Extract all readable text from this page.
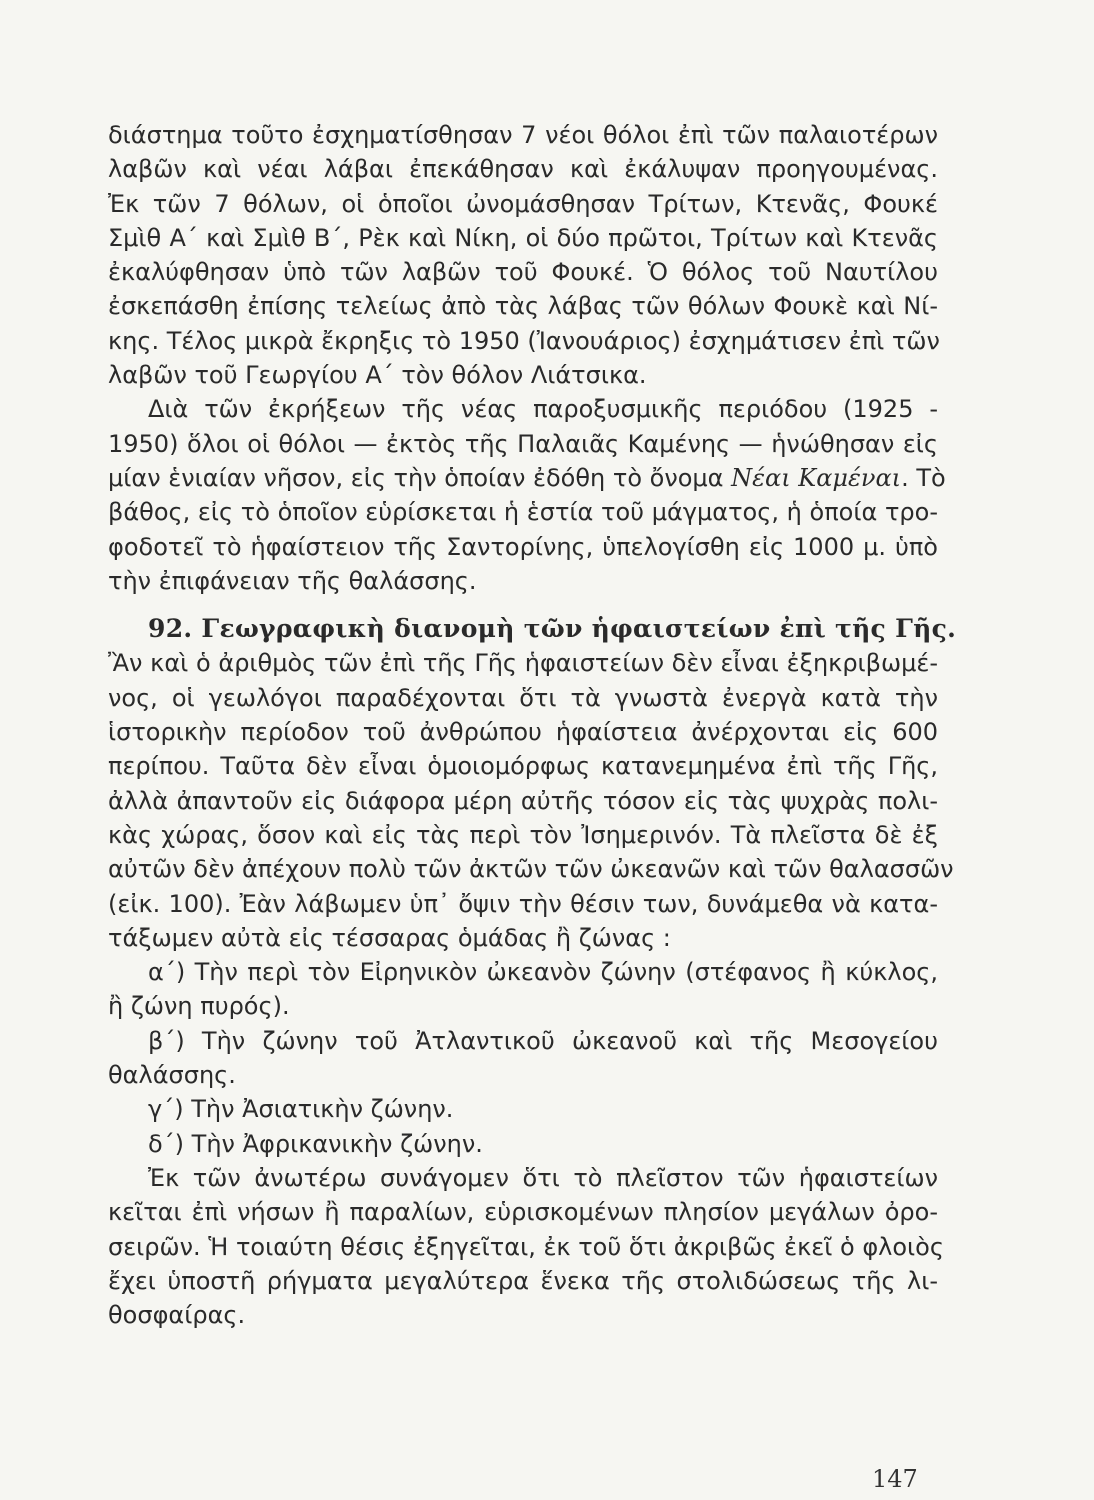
διάστημα τοῦτο ἐσχηματίσθησαν 7 νέοι θόλοι ἐπὶ τῶν παλαιοτέρων
λαβῶν καὶ νέαι λάβαι ἐπεκάθησαν καὶ ἐκάλυψαν προηγουμένας.
Ἐκ τῶν 7 θόλων, οἱ ὁποῖοι ὠνομάσθησαν Τρίτων, Κτενᾶς, Φουκέ
Σμὶθ Α΄ καὶ Σμὶθ Β΄, Ρὲκ καὶ Νίκη, οἱ δύο πρῶτοι, Τρίτων καὶ Κτενᾶς
ἐκαλύφθησαν ὑπὸ τῶν λαβῶν τοῦ Φουκέ. Ὁ θόλος τοῦ Ναυτίλου
ἐσκεπάσθη ἐπίσης τελείως ἀπὸ τὰς λάβας τῶν θόλων Φουκὲ καὶ Νί-
κης. Τέλος μικρὰ ἔκρηξις τὸ 1950 (Ἰανουάριος) ἐσχημάτισεν ἐπὶ τῶν
λαβῶν τοῦ Γεωργίου Α΄ τὸν θόλον Λιάτσικα.
Διὰ τῶν ἐκρήξεων τῆς νέας παροξυσμικῆς περιόδου (1925 -
1950) ὅλοι οἱ θόλοι — ἐκτὸς τῆς Παλαιᾶς Καμένης — ἡνώθησαν εἰς
μίαν ἑνιαίαν νῆσον, εἰς τὴν ὁποίαν ἐδόθη τὸ ὄνομα Νέαι Καμέναι. Τὸ
βάθος, εἰς τὸ ὁποῖον εὑρίσκεται ἡ ἑστία τοῦ μάγματος, ἡ ὁποία τρο-
φοδοτεῖ τὸ ἡφαίστειον τῆς Σαντορίνης, ὑπελογίσθη εἰς 1000 μ. ὑπὸ
τὴν ἐπιφάνειαν τῆς θαλάσσης.
92. Γεωγραφικὴ διανομὴ τῶν ἡφαιστείων ἐπὶ τῆς Γῆς.
Ἂν καὶ ὁ ἀριθμὸς τῶν ἐπὶ τῆς Γῆς ἡφαιστείων δὲν εἶναι ἐξηκριβωμέ-
νος, οἱ γεωλόγοι παραδέχονται ὅτι τὰ γνωστὰ ἐνεργὰ κατὰ τὴν
ἱστορικὴν περίοδον τοῦ ἀνθρώπου ἡφαίστεια ἀνέρχονται εἰς 600
περίπου. Ταῦτα δὲν εἶναι ὁμοιομόρφως κατανεμημένα ἐπὶ τῆς Γῆς,
ἀλλὰ ἀπαντοῦν εἰς διάφορα μέρη αὐτῆς τόσον εἰς τὰς ψυχρὰς πολι-
κὰς χώρας, ὅσον καὶ εἰς τὰς περὶ τὸν Ἰσημερινόν. Τὰ πλεῖστα δὲ ἐξ
αὐτῶν δὲν ἀπέχουν πολὺ τῶν ἀκτῶν τῶν ὠκεανῶν καὶ τῶν θαλασσῶν
(εἰκ. 100). Ἐὰν λάβωμεν ὑπ᾿ ὄψιν τὴν θέσιν των, δυνάμεθα νὰ κατα-
τάξωμεν αὐτὰ εἰς τέσσαρας ὁμάδας ἢ ζώνας :
α΄) Τὴν περὶ τὸν Εἰρηνικὸν ὠκεανὸν ζώνην (στέφανος ἢ κύκλος,
ἢ ζώνη πυρός).
β΄) Τὴν ζώνην τοῦ Ἀτλαντικοῦ ὠκεανοῦ καὶ τῆς Μεσογείου
θαλάσσης.
γ΄) Τὴν Ἀσιατικὴν ζώνην.
δ΄) Τὴν Ἀφρικανικὴν ζώνην.
Ἐκ τῶν ἀνωτέρω συνάγομεν ὅτι τὸ πλεῖστον τῶν ἡφαιστείων
κεῖται ἐπὶ νήσων ἢ παραλίων, εὑρισκομένων πλησίον μεγάλων ὀρο-
σειρῶν. Ἡ τοιαύτη θέσις ἐξηγεῖται, ἐκ τοῦ ὅτι ἀκριβῶς ἐκεῖ ὁ φλοιὸς
ἔχει ὑποστῆ ρήγματα μεγαλύτερα ἕνεκα τῆς στολιδώσεως τῆς λι-
θοσφαίρας.
147
